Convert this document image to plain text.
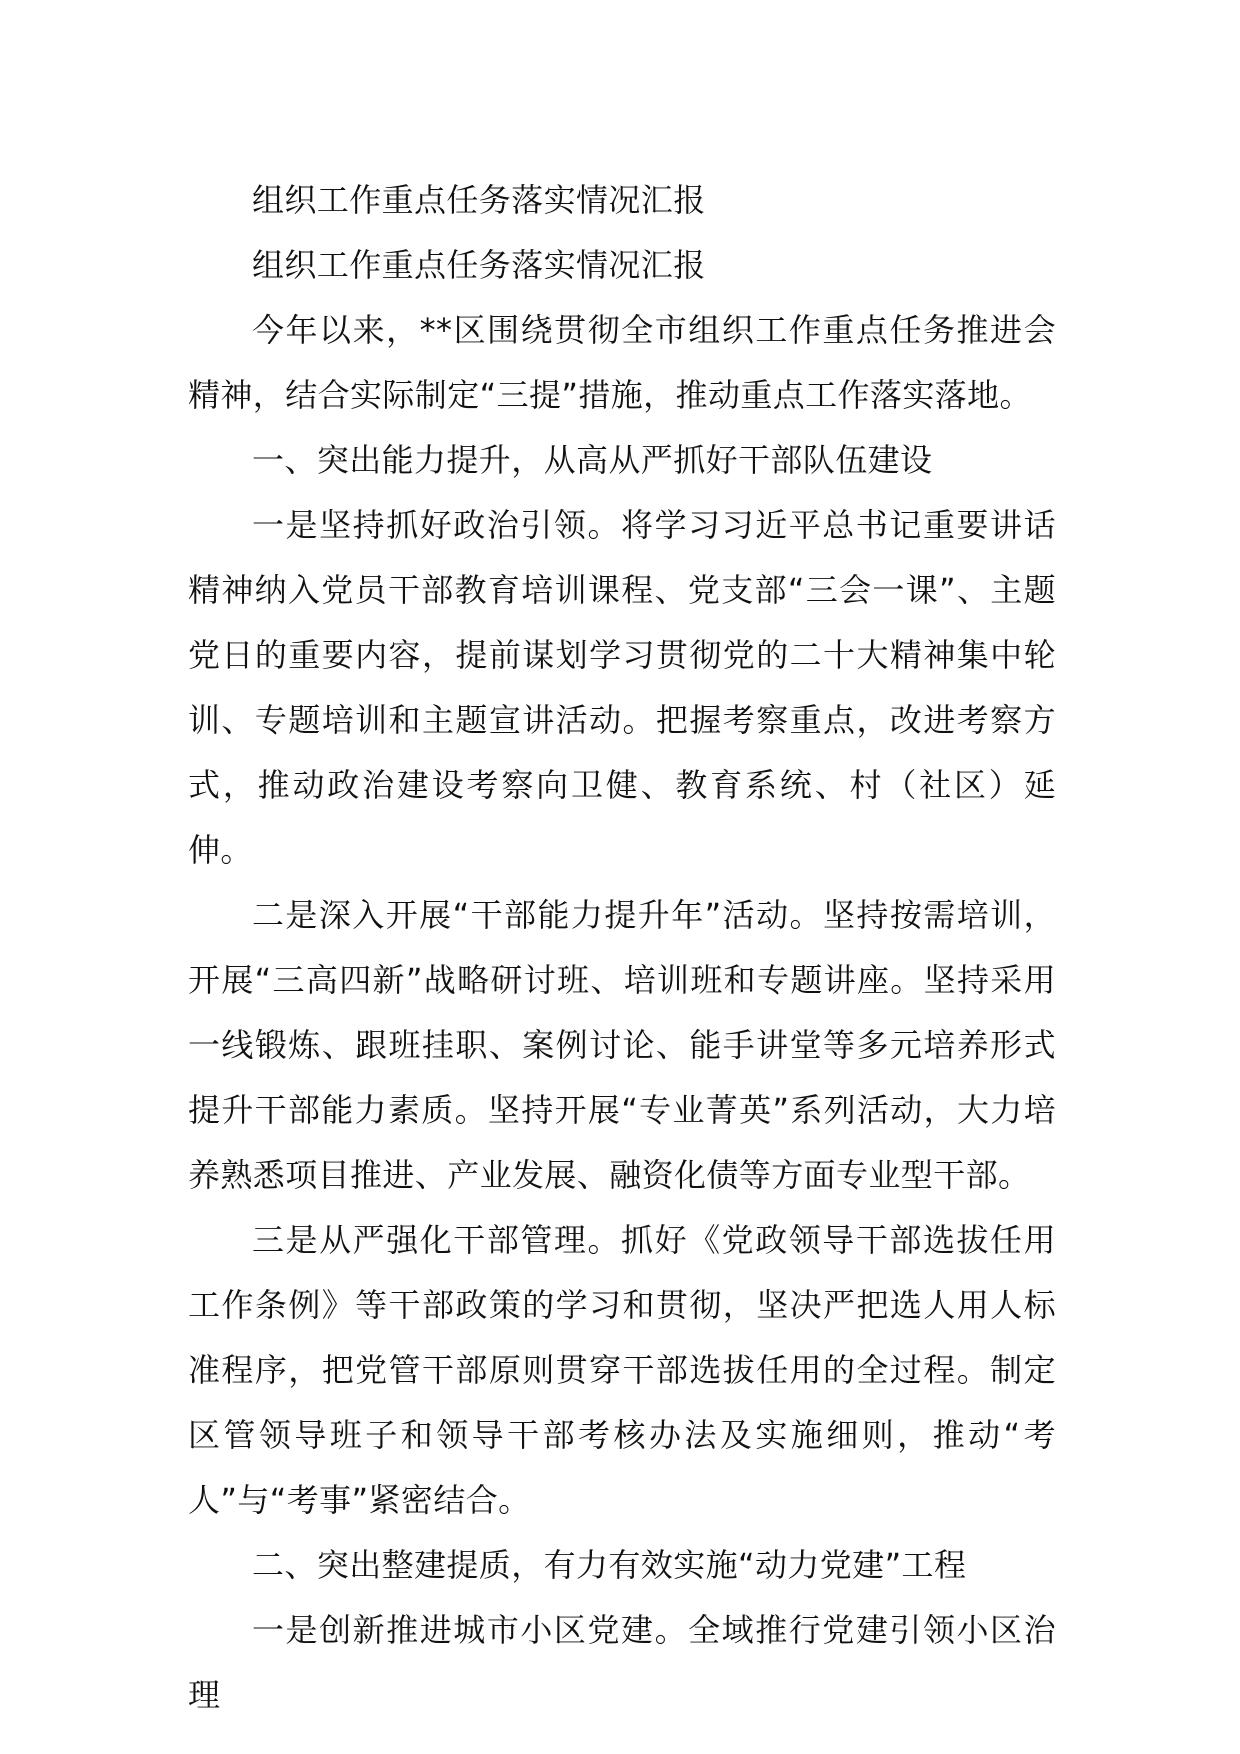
组织工作重点任务落实情况汇报

组织工作重点任务落实情况汇报

今年以来，**区围绕贯彻全市组织工作重点任务推进会精神，结合实际制定“三提”措施，推动重点工作落实落地。

一、突出能力提升，从高从严抓好干部队伍建设

一是坚持抓好政治引领。将学习习近平总书记重要讲话精神纳入党员干部教育培训课程、党支部“三会一课”、主题党日的重要内容，提前谋划学习贯彻党的二十大精神集中轮训、专题培训和主题宣讲活动。把握考察重点，改进考察方式，推动政治建设考察向卫健、教育系统、村（社区）延伸。

二是深入开展“干部能力提升年”活动。坚持按需培训，开展“三高四新”战略研讨班、培训班和专题讲座。坚持采用一线锻炼、跟班挂职、案例讨论、能手讲堂等多元培养形式提升干部能力素质。坚持开展“专业菁英”系列活动，大力培养熟悉项目推进、产业发展、融资化债等方面专业型干部。

三是从严强化干部管理。抓好《党政领导干部选拔任用工作条例》等干部政策的学习和贯彻，坚决严把选人用人标准程序，把党管干部原则贯穿干部选拔任用的全过程。制定区管领导班子和领导干部考核办法及实施细则，推动“考人”与“考事”紧密结合。

二、突出整建提质，有力有效实施“动力党建”工程

一是创新推进城市小区党建。全域推行党建引领小区治理
